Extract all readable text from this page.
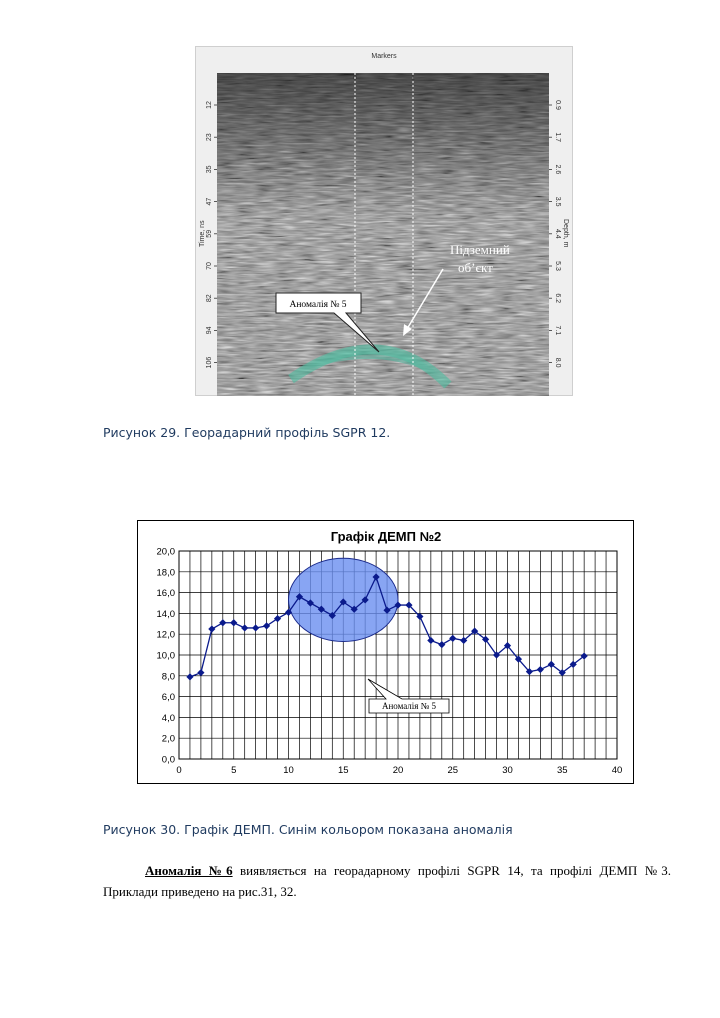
Markers
0	1
12
23
35
47
59
70
82
94
106
0.9
1.7
2.6
3.5
4.4
5.3
6.2
7.1
8.0
Time, ns	Depth, m
Аномалія № 5
Підземний
об’єкт
Рисунок 29. Георадарний профіль SGPR 12.
Графік ДЕМП №2
0	5	10	15	20	25	30	35	40
0,0
2,0
4,0
6,0
8,0
10,0
12,0
14,0
16,0
18,0
20,0
Аномалія № 5
Рисунок 30. Графік ДЕМП. Синім кольором показана аномалія
Аномалія №6 виявляється на георадарному профілі SGPR 14, та профілі ДЕМП №3. Приклади приведено на рис.31, 32.
